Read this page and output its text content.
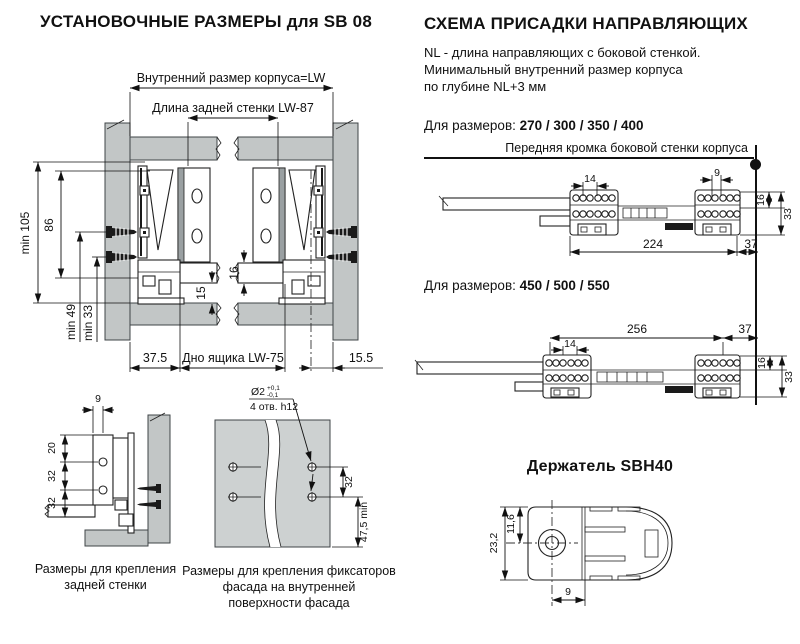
УСТАНОВОЧНЫЕ РАЗМЕРЫ для SB 08
Внутренний размер корпуса=LW
Длина задней стенки LW-87
min 105 86
min 49 min 33
16
15
37.5 Дно ящика LW-75	15.5
9
20
32
32
Размеры для крепления
задней стенки
Ø2 +0,1
-0,1
4 отв. h12
32
47,5 min
Размеры для крепления фиксаторов
фасада на внутренней
поверхности фасада
СХЕМА ПРИСАДКИ НАПРАВЛЯЮЩИХ
NL - длина направляющих с боковой стенкой.
Минимальный внутренний размер корпуса
по глубине NL+3 мм
Для размеров: 270 / 300 / 350 / 400
Передняя кромка боковой стенки корпуса
14	9
224	37
16
33
Для размеров: 450 / 500 / 550
256	37
14
16
33
Держатель SBH40
23,2
11,6
9
